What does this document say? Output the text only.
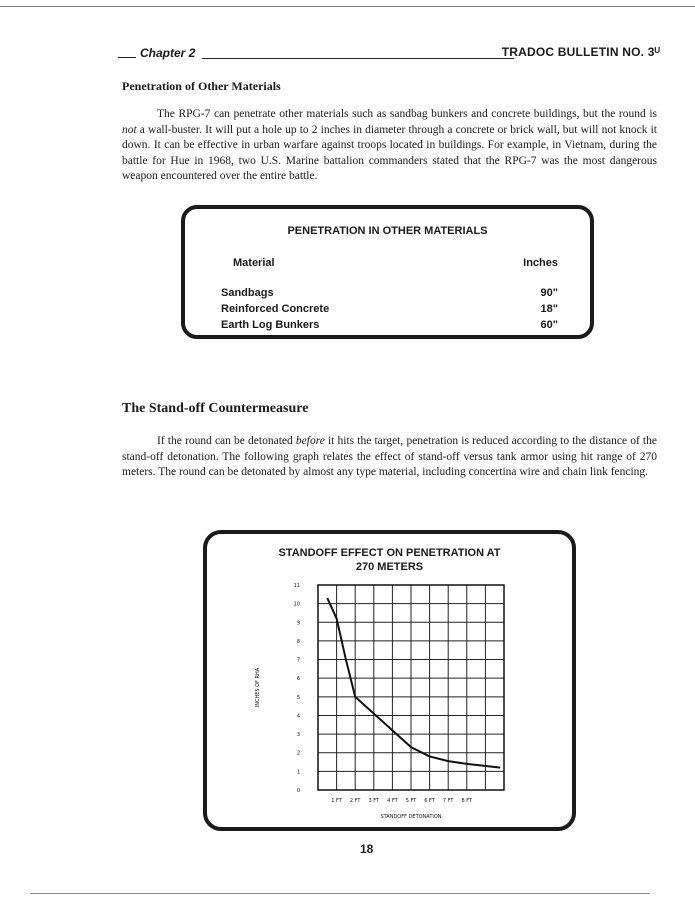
Chapter 2	TRADOC BULLETIN NO. 3ᵁ
Penetration of Other Materials

The RPG-7 can penetrate other materials such as sandbag bunkers and concrete buildings, but the round is not a wall-buster. It will put a hole up to 2 inches in diameter through a concrete or brick wall, but will not knock it down. It can be effective in urban warfare against troops located in buildings. For example, in Vietnam, during the battle for Hue in 1968, two U.S. Marine battalion commanders stated that the RPG-7 was the most dangerous weapon encountered over the entire battle.

PENETRATION IN OTHER MATERIALS
Material	Inches
Sandbags	90"
Reinforced Concrete	18"
Earth Log Bunkers	60"
The Stand-off Countermeasure

If the round can be detonated before it hits the target, penetration is reduced according to the distance of the stand-off detonation. The following graph relates the effect of stand-off versus tank armor using hit range of 270 meters. The round can be detonated by almost any type material, including concertina wire and chain link fencing.

STANDOFF EFFECT ON PENETRATION AT
270 METERS
0
1
2
3
4
5
6
7
8
9
10
11
1 FT 2 FT 3 FT 4 FT 5 FT 6 FT 7 FT 8 FT
STANDOFF DETONATION
INCHES OF RHA
18
